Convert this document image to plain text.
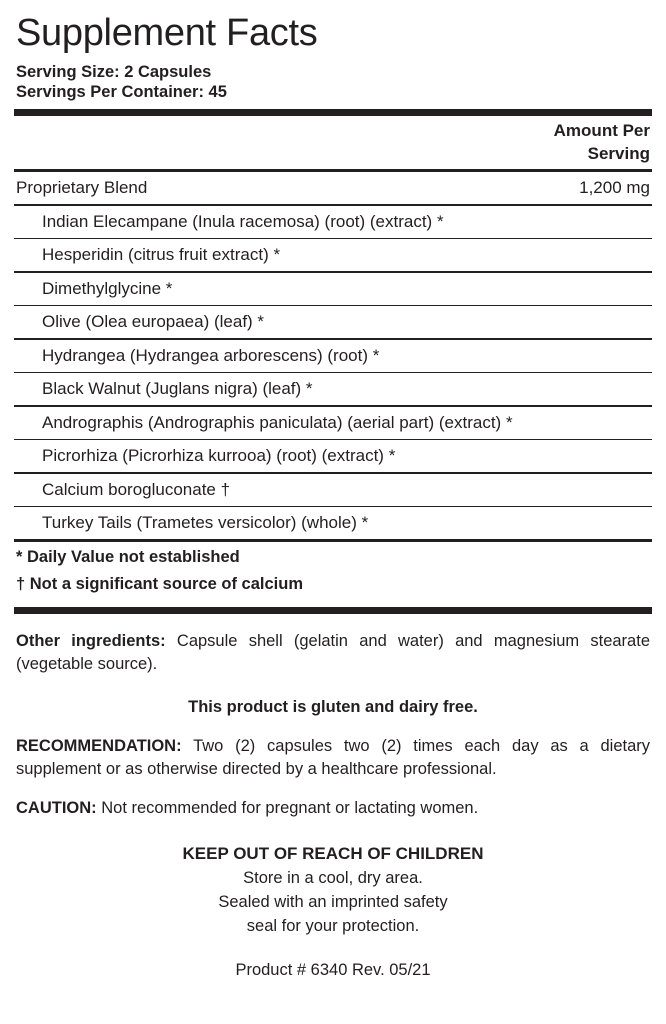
Supplement Facts
Serving Size: 2 Capsules
Servings Per Container: 45
Amount Per
Serving
Proprietary Blend	1,200 mg
Indian Elecampane (Inula racemosa) (root) (extract) *
Hesperidin (citrus fruit extract) *
Dimethylglycine *
Olive (Olea europaea) (leaf) *
Hydrangea (Hydrangea arborescens) (root) *
Black Walnut (Juglans nigra) (leaf) *
Andrographis (Andrographis paniculata) (aerial part) (extract) *
Picrorhiza (Picrorhiza kurrooa) (root) (extract) *
Calcium borogluconate †
Turkey Tails (Trametes versicolor) (whole) *
* Daily Value not established
† Not a significant source of calcium
Other ingredients: Capsule shell (gelatin and water) and magnesium stearate (vegetable source).
This product is gluten and dairy free.
RECOMMENDATION: Two (2) capsules two (2) times each day as a dietary supplement or as otherwise directed by a healthcare professional.
CAUTION: Not recommended for pregnant or lactating women.
KEEP OUT OF REACH OF CHILDREN
Store in a cool, dry area.
Sealed with an imprinted safety
seal for your protection.
Product # 6340 Rev. 05/21
